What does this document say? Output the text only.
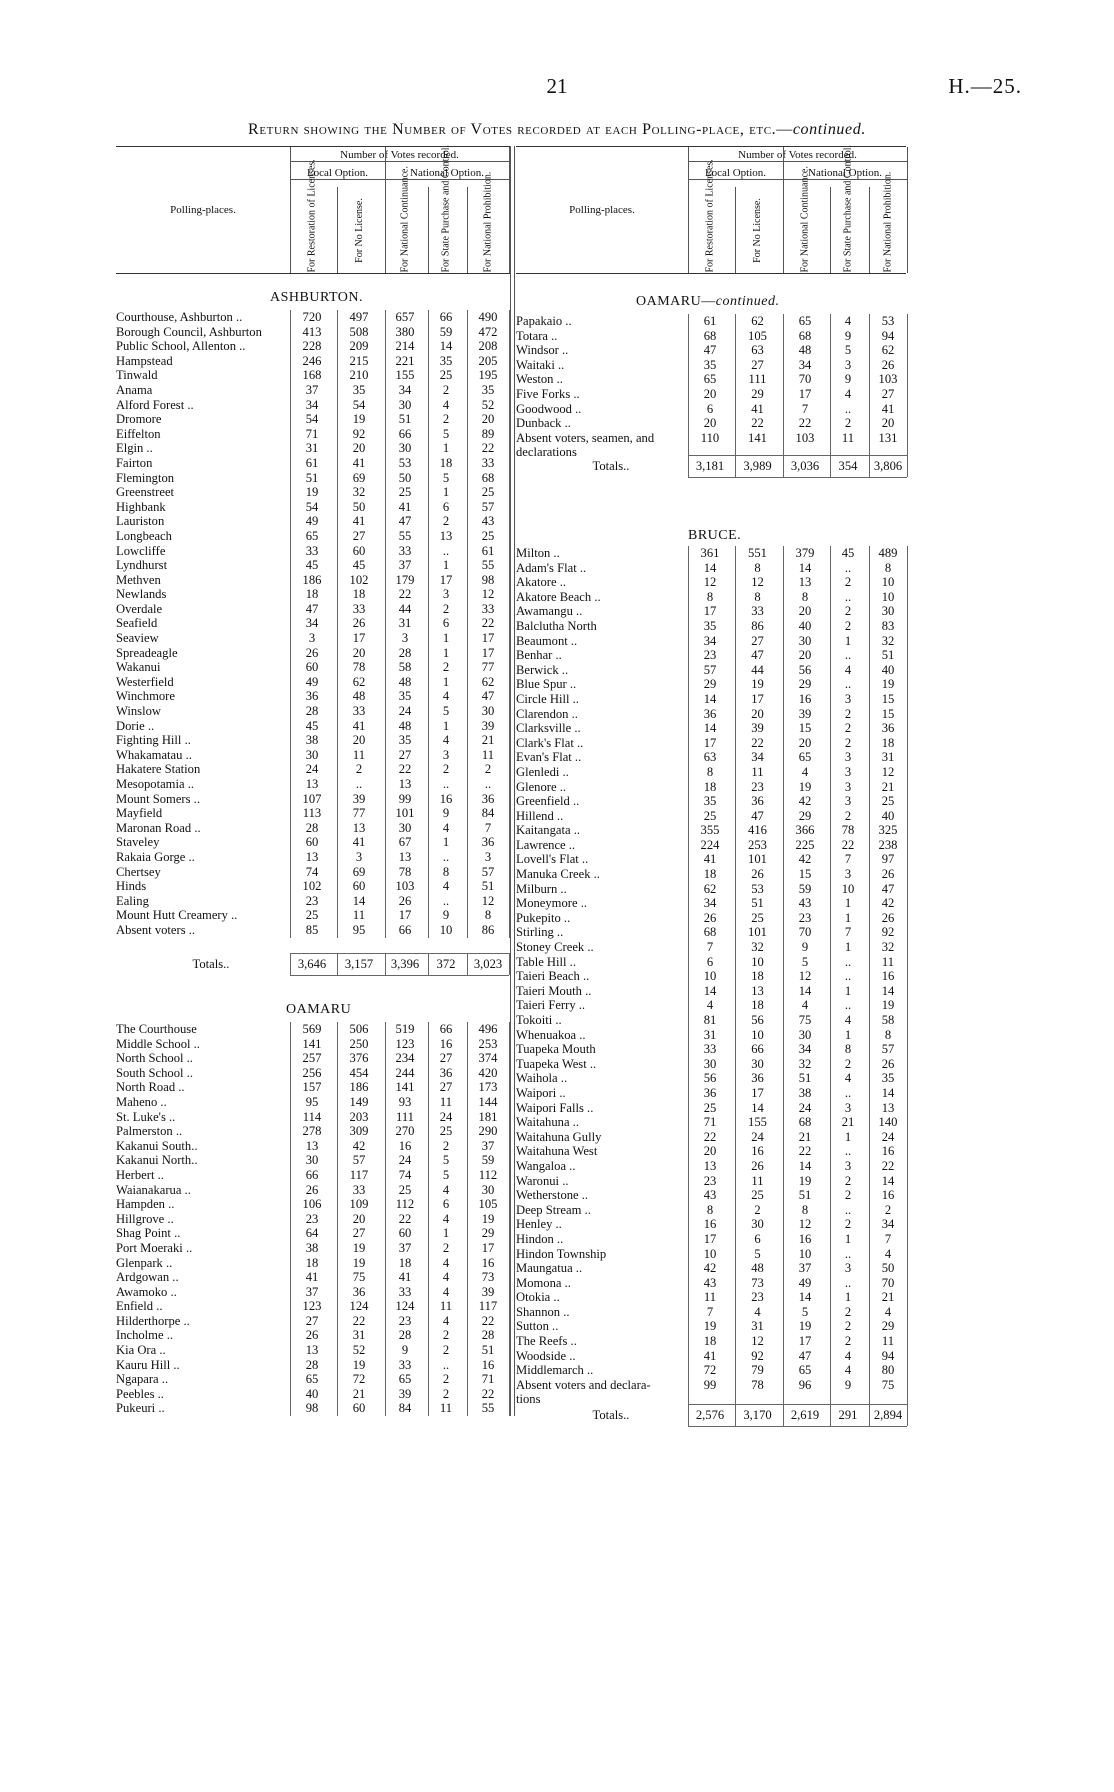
21	H.—25.
Return showing the Number of Votes recorded at each Polling-place, etc.—continued.
Polling-places.
Number of Votes recorded.
Local Option.	National Option.
For Restoration of Licenses.	For No License.	For National Continuance.	For State Purchase and Control.	For National Prohibition.	Polling-places.
Number of Votes recorded.
Local Option.	National Option.
For Restoration of Licenses.	For No License.	For National Continuance.	For State Purchase and Control.	For National Prohibition.
ASHBURTON.
Courthouse, Ashburton ..	720	497	657	66	490
Borough Council, Ashburton	413	508	380	59	472
Public School, Allenton ..	228	209	214	14	208
Hampstead	246	215	221	35	205
Tinwald	168	210	155	25	195
Anama	37	35	34	2	35
Alford Forest ..	34	54	30	4	52
Dromore	54	19	51	2	20
Eiffelton	71	92	66	5	89
Elgin ..	31	20	30	1	22
Fairton	61	41	53	18	33
Flemington	51	69	50	5	68
Greenstreet	19	32	25	1	25
Highbank	54	50	41	6	57
Lauriston	49	41	47	2	43
Longbeach	65	27	55	13	25
Lowcliffe	33	60	33	..	61
Lyndhurst	45	45	37	1	55
Methven	186	102	179	17	98
Newlands	18	18	22	3	12
Overdale	47	33	44	2	33
Seafield	34	26	31	6	22
Seaview	3	17	3	1	17
Spreadeagle	26	20	28	1	17
Wakanui	60	78	58	2	77
Westerfield	49	62	48	1	62
Winchmore	36	48	35	4	47
Winslow	28	33	24	5	30
Dorie ..	45	41	48	1	39
Fighting Hill ..	38	20	35	4	21
Whakamatau ..	30	11	27	3	11
Hakatere Station	24	2	22	2	2
Mesopotamia ..	13	..	13	..	..
Mount Somers ..	107	39	99	16	36
Mayfield	113	77	101	9	84
Maronan Road ..	28	13	30	4	7
Staveley	60	41	67	1	36
Rakaia Gorge ..	13	3	13	..	3
Chertsey	74	69	78	8	57
Hinds	102	60	103	4	51
Ealing	23	14	26	..	12
Mount Hutt Creamery ..	25	11	17	9	8
Absent voters ..	85	95	66	10	86
Totals..	3,646	3,157	3,396	372	3,023
OAMARU
The Courthouse	569	506	519	66	496
Middle School ..	141	250	123	16	253
North School ..	257	376	234	27	374
South School ..	256	454	244	36	420
North Road ..	157	186	141	27	173
Maheno ..	95	149	93	11	144
St. Luke's ..	114	203	111	24	181
Palmerston ..	278	309	270	25	290
Kakanui South..	13	42	16	2	37
Kakanui North..	30	57	24	5	59
Herbert ..	66	117	74	5	112
Waianakarua ..	26	33	25	4	30
Hampden ..	106	109	112	6	105
Hillgrove ..	23	20	22	4	19
Shag Point ..	64	27	60	1	29
Port Moeraki ..	38	19	37	2	17
Glenpark ..	18	19	18	4	16
Ardgowan ..	41	75	41	4	73
Awamoko ..	37	36	33	4	39
Enfield ..	123	124	124	11	117
Hilderthorpe ..	27	22	23	4	22
Incholme ..	26	31	28	2	28
Kia Ora ..	13	52	9	2	51
Kauru Hill ..	28	19	33	..	16
Ngapara ..	65	72	65	2	71
Peebles ..	40	21	39	2	22
Pukeuri ..	98	60	84	11	55
OAMARU—continued.
Papakaio ..	61	62	65	4	53
Totara ..	68	105	68	9	94
Windsor ..	47	63	48	5	62
Waitaki ..	35	27	34	3	26
Weston ..	65	111	70	9	103
Five Forks ..	20	29	17	4	27
Goodwood ..	6	41	7	..	41
Dunback ..	20	22	22	2	20
Absent voters, seamen, and	110	141	103	11	131
declarations
Totals..	3,181	3,989	3,036	354	3,806
BRUCE.
Milton ..	361	551	379	45	489
Adam's Flat ..	14	8	14	..	8
Akatore ..	12	12	13	2	10
Akatore Beach ..	8	8	8	..	10
Awamangu ..	17	33	20	2	30
Balclutha North	35	86	40	2	83
Beaumont ..	34	27	30	1	32
Benhar ..	23	47	20	..	51
Berwick ..	57	44	56	4	40
Blue Spur ..	29	19	29	..	19
Circle Hill ..	14	17	16	3	15
Clarendon ..	36	20	39	2	15
Clarksville ..	14	39	15	2	36
Clark's Flat ..	17	22	20	2	18
Evan's Flat ..	63	34	65	3	31
Glenledi ..	8	11	4	3	12
Glenore ..	18	23	19	3	21
Greenfield ..	35	36	42	3	25
Hillend ..	25	47	29	2	40
Kaitangata ..	355	416	366	78	325
Lawrence ..	224	253	225	22	238
Lovell's Flat ..	41	101	42	7	97
Manuka Creek ..	18	26	15	3	26
Milburn ..	62	53	59	10	47
Moneymore ..	34	51	43	1	42
Pukepito ..	26	25	23	1	26
Stirling ..	68	101	70	7	92
Stoney Creek ..	7	32	9	1	32
Table Hill ..	6	10	5	..	11
Taieri Beach ..	10	18	12	..	16
Taieri Mouth ..	14	13	14	1	14
Taieri Ferry ..	4	18	4	..	19
Tokoiti ..	81	56	75	4	58
Whenuakoa ..	31	10	30	1	8
Tuapeka Mouth	33	66	34	8	57
Tuapeka West ..	30	30	32	2	26
Waihola ..	56	36	51	4	35
Waipori ..	36	17	38	..	14
Waipori Falls ..	25	14	24	3	13
Waitahuna ..	71	155	68	21	140
Waitahuna Gully	22	24	21	1	24
Waitahuna West	20	16	22	..	16
Wangaloa ..	13	26	14	3	22
Waronui ..	23	11	19	2	14
Wetherstone ..	43	25	51	2	16
Deep Stream ..	8	2	8	..	2
Henley ..	16	30	12	2	34
Hindon ..	17	6	16	1	7
Hindon Township	10	5	10	..	4
Maungatua ..	42	48	37	3	50
Momona ..	43	73	49	..	70
Otokia ..	11	23	14	1	21
Shannon ..	7	4	5	2	4
Sutton ..	19	31	19	2	29
The Reefs ..	18	12	17	2	11
Woodside ..	41	92	47	4	94
Middlemarch ..	72	79	65	4	80
Absent voters and declara-	99	78	96	9	75
tions
Totals..	2,576	3,170	2,619	291	2,894
